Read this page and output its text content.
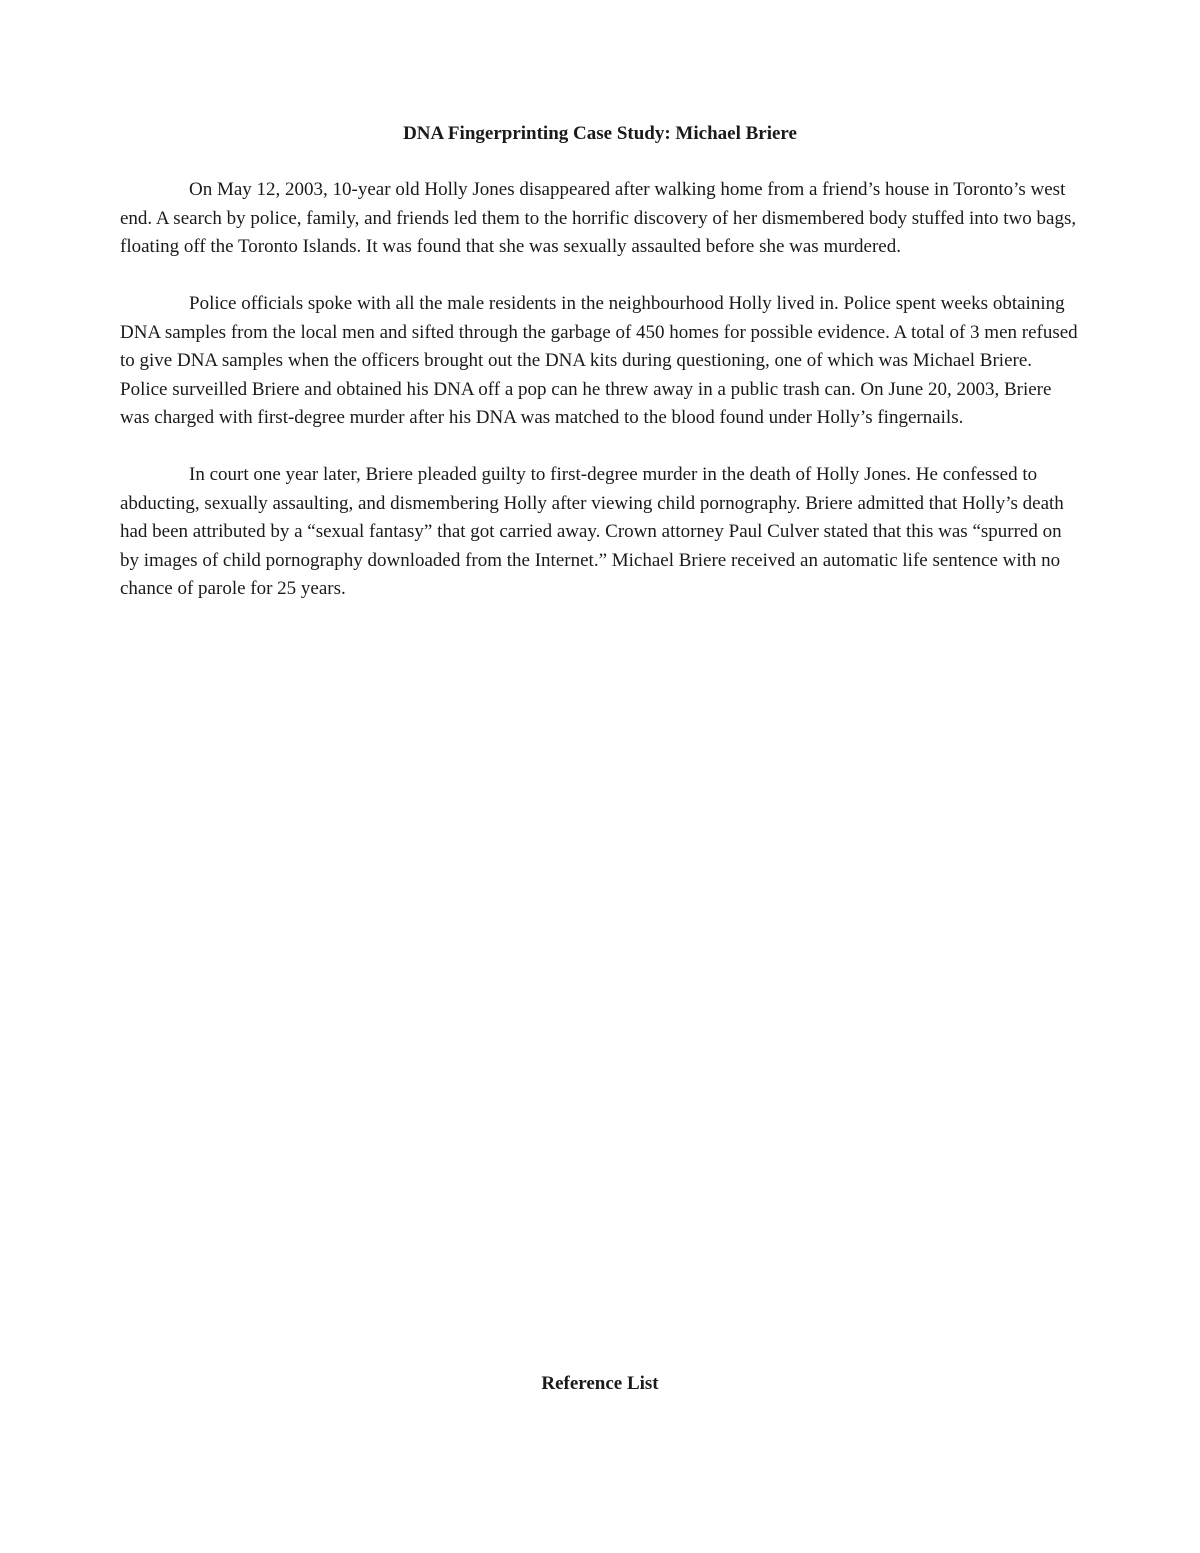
DNA Fingerprinting Case Study: Michael Briere

On May 12, 2003, 10-year old Holly Jones disappeared after walking home from a friend’s house in Toronto’s west end. A search by police, family, and friends led them to the horrific discovery of her dismembered body stuffed into two bags, floating off the Toronto Islands. It was found that she was sexually assaulted before she was murdered.

Police officials spoke with all the male residents in the neighbourhood Holly lived in. Police spent weeks obtaining DNA samples from the local men and sifted through the garbage of 450 homes for possible evidence. A total of 3 men refused to give DNA samples when the officers brought out the DNA kits during questioning, one of which was Michael Briere. Police surveilled Briere and obtained his DNA off a pop can he threw away in a public trash can. On June 20, 2003, Briere was charged with first-degree murder after his DNA was matched to the blood found under Holly’s fingernails.

In court one year later, Briere pleaded guilty to first-degree murder in the death of Holly Jones. He confessed to abducting, sexually assaulting, and dismembering Holly after viewing child pornography. Briere admitted that Holly’s death had been attributed by a “sexual fantasy” that got carried away. Crown attorney Paul Culver stated that this was “spurred on by images of child pornography downloaded from the Internet.” Michael Briere received an automatic life sentence with no chance of parole for 25 years.

Reference List
